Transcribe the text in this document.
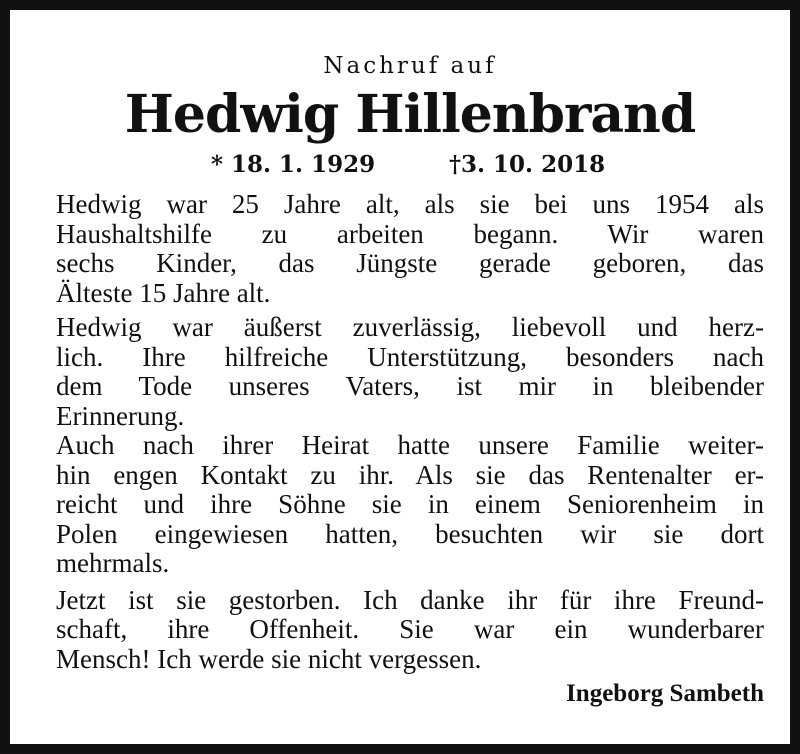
Nachruf auf

Hedwig Hillenbrand

* 18. 1. 1929	†3. 10. 2018

Hedwig war 25 Jahre alt, als sie bei uns 1954 als
Haushaltshilfe zu arbeiten begann. Wir waren
sechs Kinder, das Jüngste gerade geboren, das
Älteste 15 Jahre alt.

Hedwig war äußerst zuverlässig, liebevoll und herz-
lich. Ihre hilfreiche Unterstützung, besonders nach
dem Tode unseres Vaters, ist mir in bleibender
Erinnerung.

Auch nach ihrer Heirat hatte unsere Familie weiter-
hin engen Kontakt zu ihr. Als sie das Rentenalter er-
reicht und ihre Söhne sie in einem Seniorenheim in
Polen eingewiesen hatten, besuchten wir sie dort
mehrmals.

Jetzt ist sie gestorben. Ich danke ihr für ihre Freund-
schaft, ihre Offenheit. Sie war ein wunderbarer
Mensch! Ich werde sie nicht vergessen.

Ingeborg Sambeth
